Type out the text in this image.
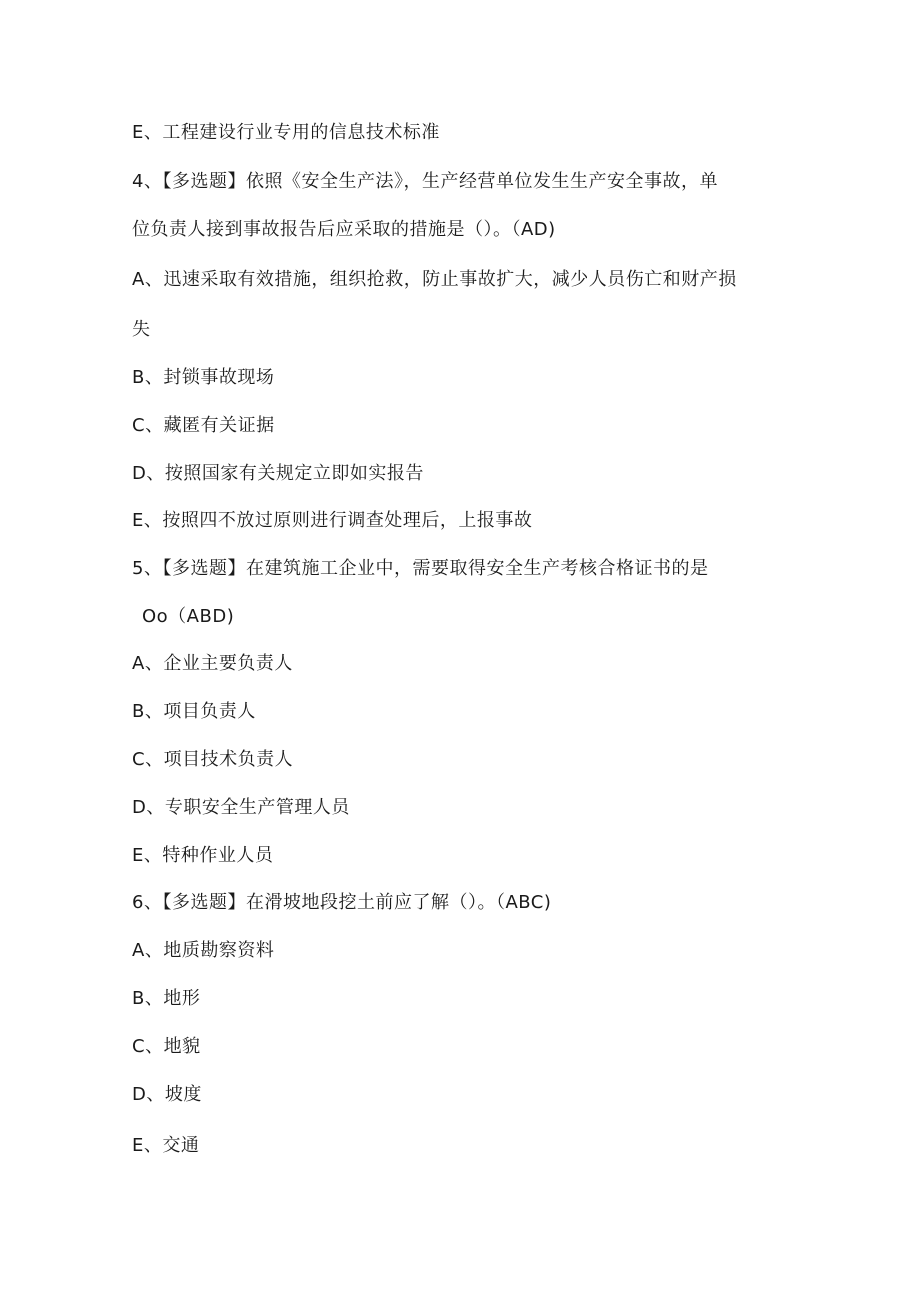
E、工程建设行业专用的信息技术标准
4、【多选题】依照《安全生产法》，生产经营单位发生生产安全事故，单
位负责人接到事故报告后应采取的措施是（）。（AD)
A、迅速采取有效措施，组织抢救，防止事故扩大，减少人员伤亡和财产损
失
B、封锁事故现场
C、藏匿有关证据
D、按照国家有关规定立即如实报告
E、按照四不放过原则进行调查处理后，上报事故
5、【多选题】在建筑施工企业中，需要取得安全生产考核合格证书的是
Oo（ABD)
A、企业主要负责人
B、项目负责人
C、项目技术负责人
D、专职安全生产管理人员
E、特种作业人员
6、【多选题】在滑坡地段挖土前应了解（）。（ABC)
A、地质勘察资料
B、地形
C、地貌
D、坡度
E、交通
